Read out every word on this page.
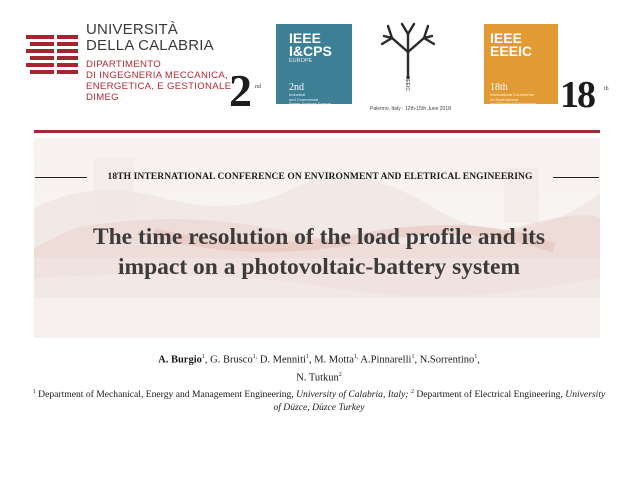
UNIVERSITÀ
DELLA CALABRIA
DIPARTIMENTO
DI INGEGNERIA MECCANICA,
ENERGETICA, E GESTIONALE
DIMEG
IEEE
I&CPS
EUROPE
2nd
Industrial
and Commercial
Power Systems Europe
2 nd	EEEIC
Palermo, Italy · 12th-15th June 2018
IEEE
EEEIC
18th
International Conference
on Environment
and Electrical Engineering 18 th
18TH INTERNATIONAL CONFERENCE ON ENVIRONMENT AND ELETRICAL ENGINEERING
The time resolution of the load profile and its
impact on a photovoltaic-battery system
A. Burgio$^1$, G. Brusco$^{1,}$ D. Menniti$^1$, M. Motta$^{1,}$ A.Pinnarelli$^1$, N.Sorrentino$^1$,
N. Tutkun$^2$
$^1$ Department of Mechanical, Energy and Management Engineering, University of Calabria, Italy; $^2$ Department of Electrical Engineering, University of Düzce, Düzce Turkey
